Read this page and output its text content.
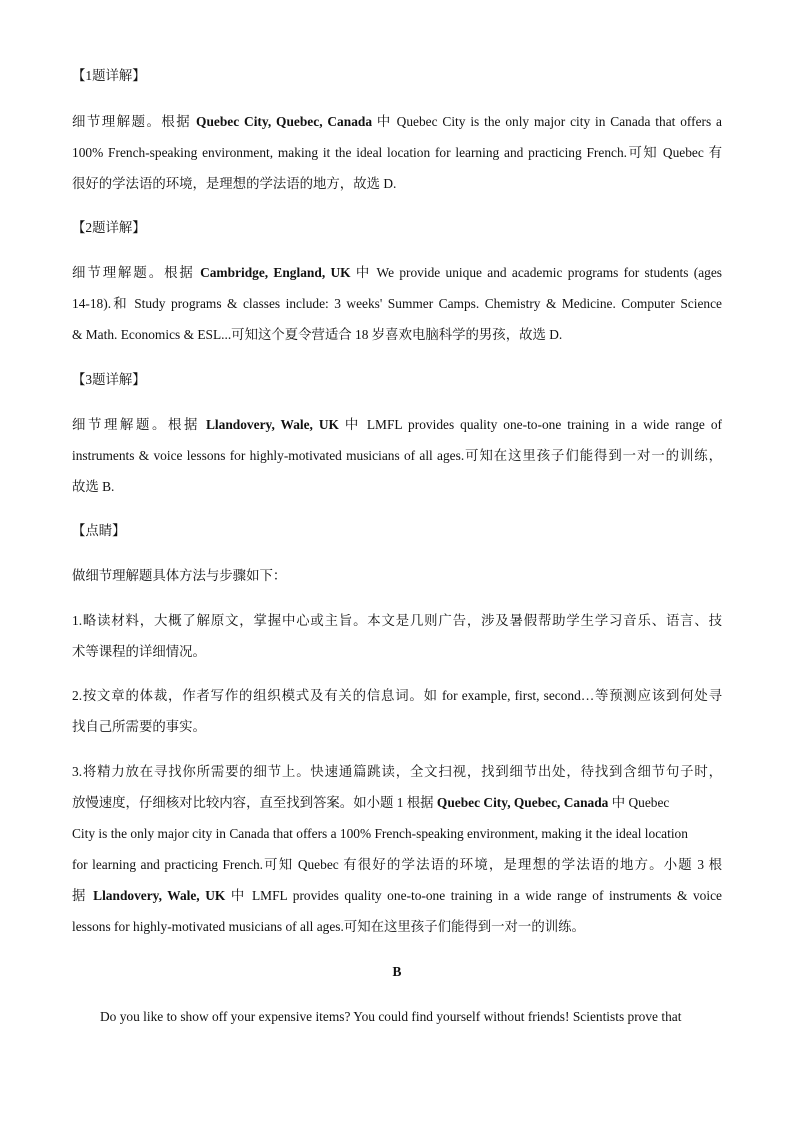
【1题详解】
细节理解题。根据 Quebec City, Quebec, Canada 中 Quebec City is the only major city in Canada that offers a
100% French-speaking environment, making it the ideal location for learning and practicing French.可知 Quebec 有
很好的学法语的环境，是理想的学法语的地方，故选 D.
【2题详解】
细节理解题。根据 Cambridge, England, UK 中 We provide unique and academic programs for students (ages
14-18).和 Study programs & classes include: 3 weeks' Summer Camps. Chemistry & Medicine. Computer Science
& Math. Economics & ESL...可知这个夏令营适合 18 岁喜欢电脑科学的男孩，故选 D.
【3题详解】
细节理解题。根据 Llandovery, Wale, UK 中 LMFL provides quality one-to-one training in a wide range of
instruments & voice lessons for highly-motivated musicians of all ages.可知在这里孩子们能得到一对一的训练，
故选 B.
【点睛】
做细节理解题具体方法与步骤如下：
1.略读材料，大概了解原文，掌握中心或主旨。本文是几则广告，涉及暑假帮助学生学习音乐、语言、技
术等课程的详细情况。
2.按文章的体裁，作者写作的组织模式及有关的信息词。如 for example, first, second…等预测应该到何处寻
找自己所需要的事实。
3.将精力放在寻找你所需要的细节上。快速通篇跳读，全文扫视，找到细节出处，待找到含细节句子时，
放慢速度，仔细核对比较内容，直至找到答案。如小题 1 根据 Quebec City, Quebec, Canada 中 Quebec
City is the only major city in Canada that offers a 100% French-speaking environment, making it the ideal location
for learning and practicing French.可知 Quebec 有很好的学法语的环境，是理想的学法语的地方。小题 3 根
据 Llandovery, Wale, UK 中 LMFL provides quality one-to-one training in a wide range of instruments & voice
lessons for highly-motivated musicians of all ages.可知在这里孩子们能得到一对一的训练。
B
Do you like to show off your expensive items? You could find yourself without friends! Scientists prove that
